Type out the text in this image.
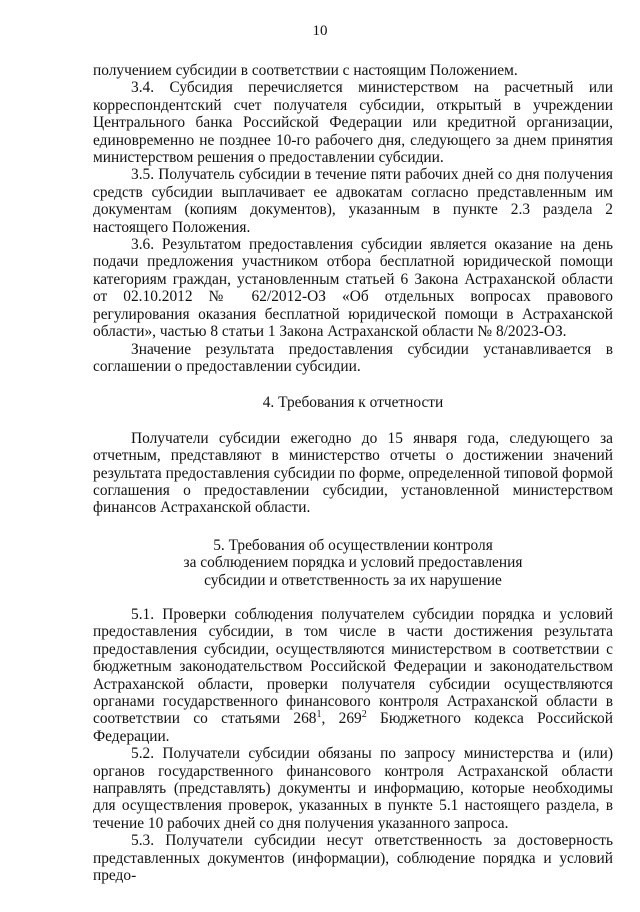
10

получением субсидии в соответствии с настоящим Положением.

3.4. Субсидия перечисляется министерством на расчетный или корреспондентский счет получателя субсидии, открытый в учреждении Центрального банка Российской Федерации или кредитной организации, единовременно не позднее 10-го рабочего дня, следующего за днем принятия министерством решения о предоставлении субсидии.

3.5. Получатель субсидии в течение пяти рабочих дней со дня получения средств субсидии выплачивает ее адвокатам согласно представленным им документам (копиям документов), указанным в пункте 2.3 раздела 2 настоящего Положения.

3.6. Результатом предоставления субсидии является оказание на день подачи предложения участником отбора бесплатной юридической помощи категориям граждан, установленным статьей 6 Закона Астраханской области от 02.10.2012 № 62/2012-ОЗ «Об отдельных вопросах правового регулирования оказания бесплатной юридической помощи в Астраханской области», частью 8 статьи 1 Закона Астраханской области № 8/2023-ОЗ.

Значение результата предоставления субсидии устанавливается в соглашении о предоставлении субсидии.

4. Требования к отчетности

Получатели субсидии ежегодно до 15 января года, следующего за отчетным, представляют в министерство отчеты о достижении значений результата предоставления субсидии по форме, определенной типовой формой соглашения о предоставлении субсидии, установленной министерством финансов Астраханской области.

5. Требования об осуществлении контроля
за соблюдением порядка и условий предоставления
субсидии и ответственность за их нарушение

5.1. Проверки соблюдения получателем субсидии порядка и условий предоставления субсидии, в том числе в части достижения результата предоставления субсидии, осуществляются министерством в соответствии с бюджетным законодательством Российской Федерации и законодательством Астраханской области, проверки получателя субсидии осуществляются органами государственного финансового контроля Астраханской области в соответствии со статьями $268^1$, $269^2$ Бюджетного кодекса Российской Федерации.

5.2. Получатели субсидии обязаны по запросу министерства и (или) органов государственного финансового контроля Астраханской области направлять (представлять) документы и информацию, которые необходимы для осуществления проверок, указанных в пункте 5.1 настоящего раздела, в течение 10 рабочих дней со дня получения указанного запроса.

5.3. Получатели субсидии несут ответственность за достоверность представленных документов (информации), соблюдение порядка и условий предо-
